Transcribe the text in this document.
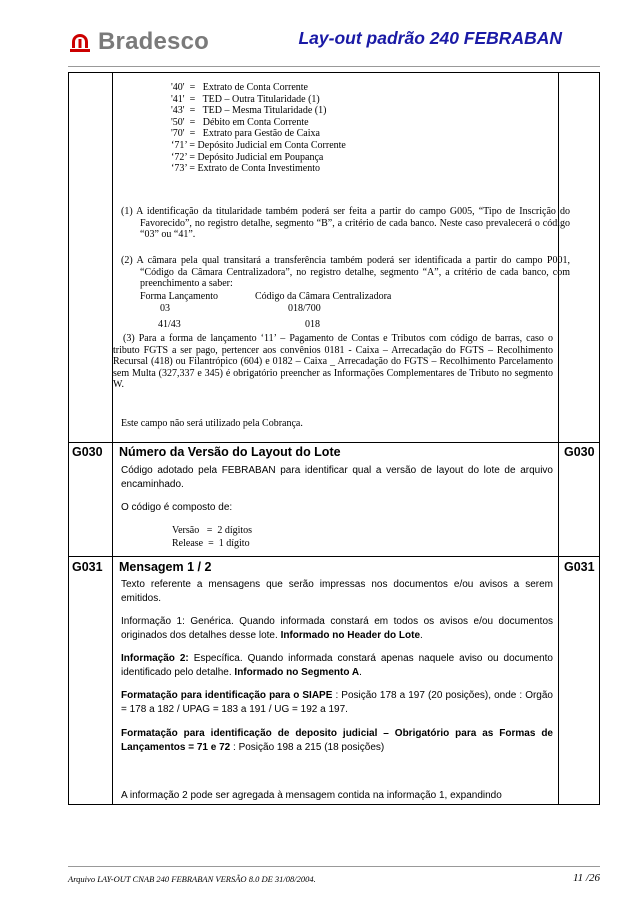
Bradesco	Lay-out padrão 240 FEBRABAN
'40'  =   Extrato de Conta Corrente
'41'  =   TED – Outra Titularidade (1)
'43'  =   TED – Mesma Titularidade (1)
'50'  =   Débito em Conta Corrente
'70'  =   Extrato para Gestão de Caixa
‘71’ = Depósito Judicial em Conta Corrente
‘72’ = Depósito Judicial em Poupança
‘73’ = Extrato de Conta Investimento
(1) A identificação da titularidade também poderá ser feita a partir do campo G005, “Tipo de Inscrição do Favorecido”, no registro detalhe, segmento “B”, a critério de cada banco. Neste caso prevalecerá o código “03” ou “41”.
(2) A câmara pela qual transitará a transferência também poderá ser identificada a partir do campo P001, “Código da Câmara Centralizadora”, no registro detalhe, segmento “A”, a critério de cada banco, com preenchimento a saber:
Forma Lançamento	Código da Câmara Centralizadora
03	018/700
41/43	018
(3) Para a forma de lançamento ‘11’ – Pagamento de Contas e Tributos com código de barras, caso o tributo FGTS a ser pago, pertencer aos convênios 0181 - Caixa – Arrecadação do FGTS – Recolhimento Recursal (418) ou Filantrópico (604) e 0182 – Caixa _ Arrecadação do FGTS – Recolhimento Parcelamento sem Multa (327,337 e 345) é obrigatório preencher as Informações Complementares de Tributo no segmento W.
Este campo não será utilizado pela Cobrança.
G030 Número da Versão do Layout do Lote	G030
Código adotado pela FEBRABAN para identificar qual a versão de layout do lote de arquivo encaminhado.
O código é composto de:
Versão   =  2 dígitos
Release  =  1 dígito
G031 Mensagem 1 / 2	G031
Texto referente a mensagens que serão impressas nos documentos e/ou avisos a serem emitidos.
Informação 1: Genérica. Quando informada constará em todos os avisos e/ou documentos originados dos detalhes desse lote. Informado no Header do Lote.
Informação 2: Específica. Quando informada constará apenas naquele aviso ou documento identificado pelo detalhe. Informado no Segmento A.
Formatação para identificação para o SIAPE : Posição 178 a 197 (20 posições), onde : Orgão = 178 a 182 / UPAG = 183 a 191 / UG = 192 a 197.
Formatação para identificação de deposito judicial – Obrigatório para as Formas de Lançamentos = 71 e 72 : Posição 198 a 215 (18 posições)
A informação 2 pode ser agregada à mensagem contida na informação 1, expandindo
Arquivo LAY-OUT CNAB 240 FEBRABAN VERSÃO 8.0 DE 31/08/2004.	11 /26
